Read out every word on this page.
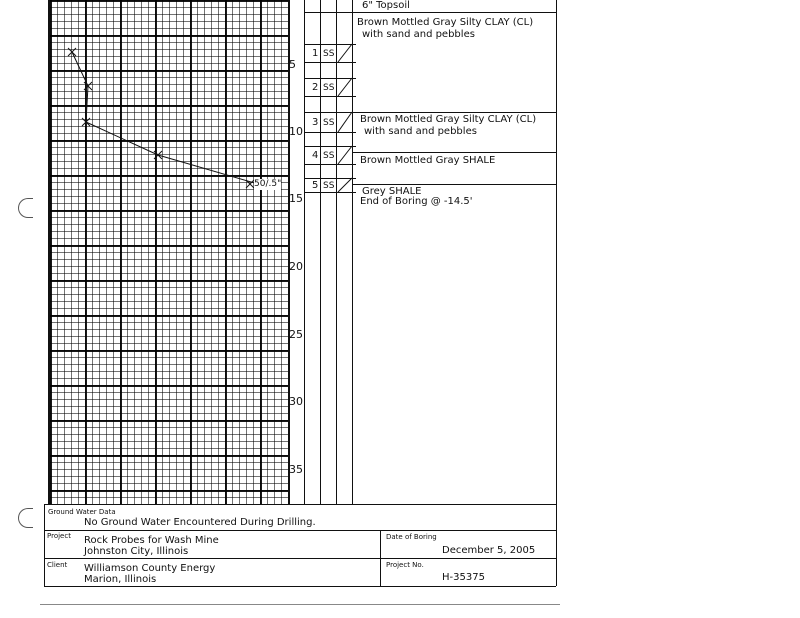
50/.5"
5
10
15
20
25
30
35
1 SS
2 SS
3 SS
4 SS
5 SS
6" Topsoil
Brown Mottled Gray Silty CLAY (CL)
with sand and pebbles
Brown Mottled Gray Silty CLAY (CL)
with sand and pebbles
Brown Mottled Gray SHALE
Grey SHALE
End of Boring @ -14.5'
Ground Water Data
No Ground Water Encountered During Drilling.
Project Rock Probes for Wash Mine
Johnston City, Illinois
Date of Boring
December 5, 2005
Client Williamson County Energy
Marion, Illinois
Project No.
H-35375
